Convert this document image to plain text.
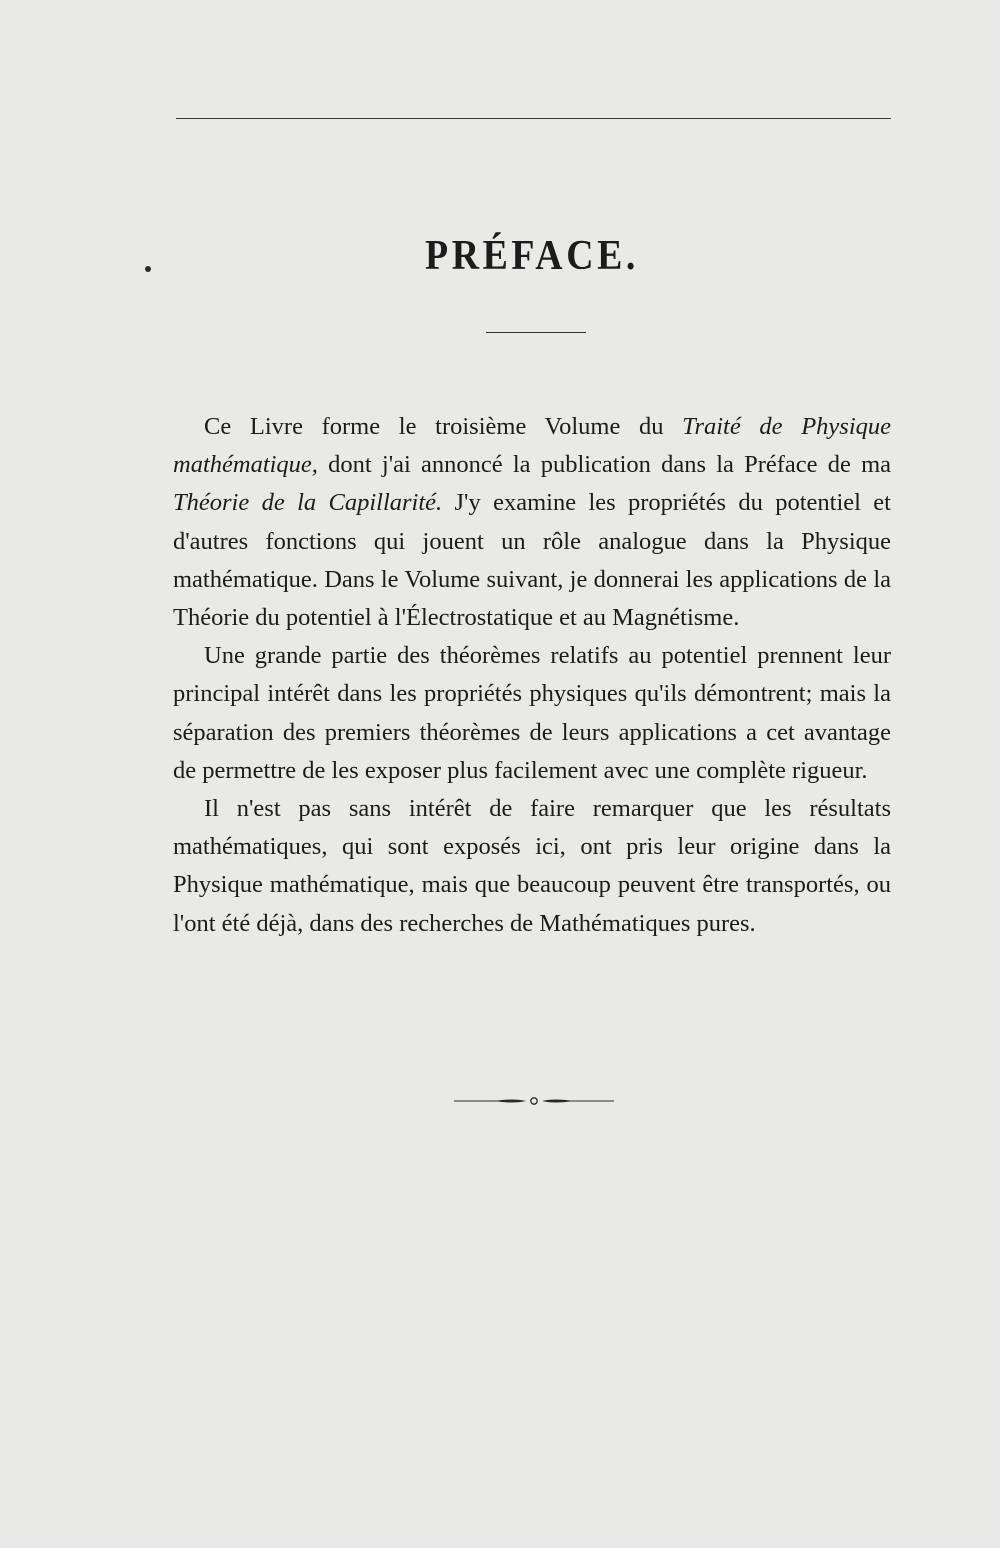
PRÉFACE.

Ce Livre forme le troisième Volume du Traité de Physique mathématique, dont j'ai annoncé la publication dans la Préface de ma Théorie de la Capillarité. J'y examine les propriétés du potentiel et d'autres fonctions qui jouent un rôle analogue dans la Physique mathématique. Dans le Volume suivant, je donnerai les applications de la Théorie du potentiel à l'Électrostatique et au Magnétisme.

Une grande partie des théorèmes relatifs au potentiel prennent leur principal intérêt dans les propriétés physiques qu'ils démontrent; mais la séparation des premiers théorèmes de leurs applications a cet avantage de permettre de les exposer plus facilement avec une complète rigueur.

Il n'est pas sans intérêt de faire remarquer que les résultats mathématiques, qui sont exposés ici, ont pris leur origine dans la Physique mathématique, mais que beaucoup peuvent être transportés, ou l'ont été déjà, dans des recherches de Mathématiques pures.
